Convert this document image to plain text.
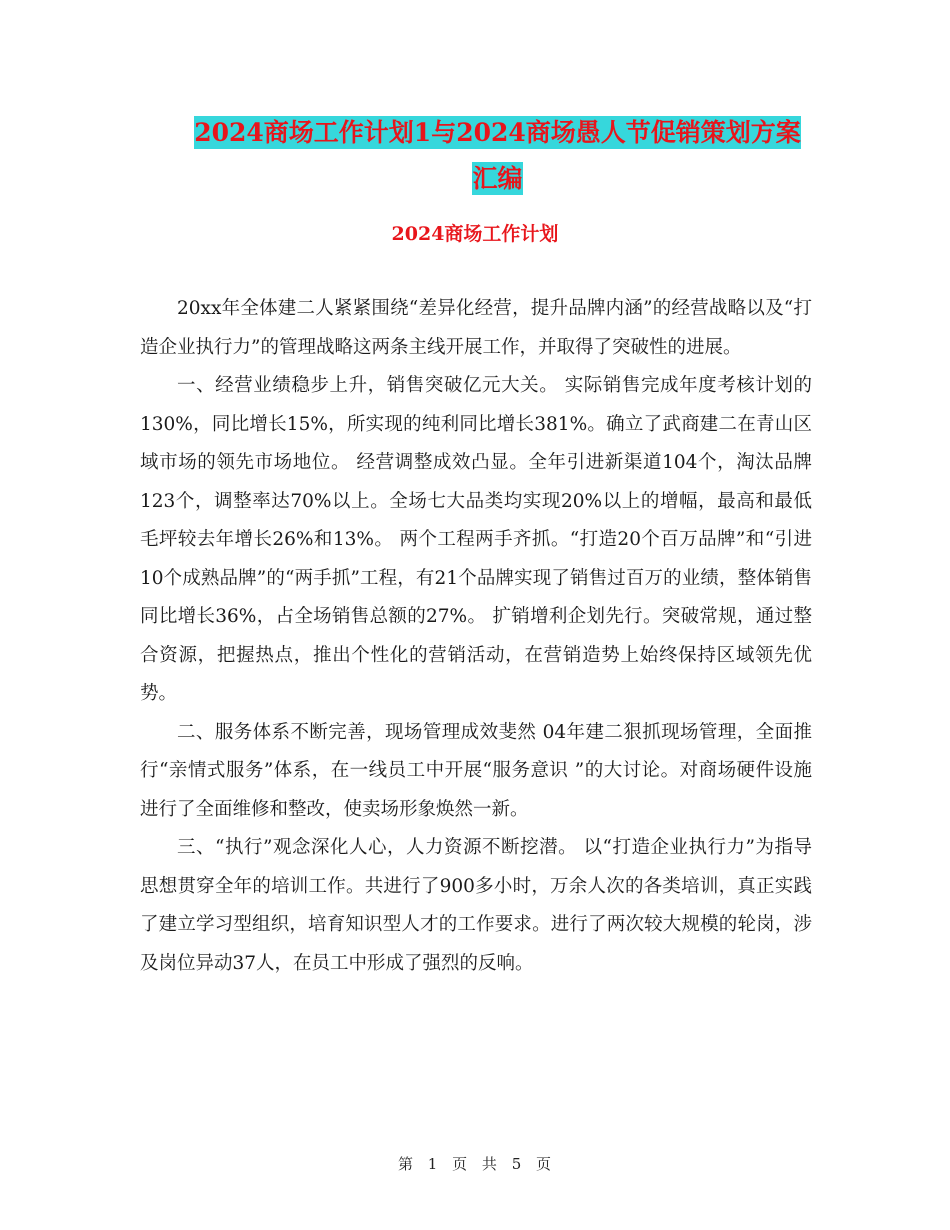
2024商场工作计划1与2024商场愚人节促销策划方案
汇编
2024商场工作计划

20xx年全体建二人紧紧围绕“差异化经营，提升品牌内涵”的经营战略以及“打造企业执行力”的管理战略这两条主线开展工作，并取得了突破性的进展。

一、经营业绩稳步上升，销售突破亿元大关。 实际销售完成年度考核计划的130%，同比增长15%，所实现的纯利同比增长381%。确立了武商建二在青山区域市场的领先市场地位。 经营调整成效凸显。全年引进新渠道104个，淘汰品牌123个，调整率达70%以上。全场七大品类均实现20%以上的增幅，最高和最低毛坪较去年增长26%和13%。 两个工程两手齐抓。“打造20个百万品牌”和“引进10个成熟品牌”的“两手抓”工程，有21个品牌实现了销售过百万的业绩，整体销售同比增长36%，占全场销售总额的27%。 扩销增利企划先行。突破常规，通过整合资源，把握热点，推出个性化的营销活动，在营销造势上始终保持区域领先优势。

二、服务体系不断完善，现场管理成效斐然 04年建二狠抓现场管理，全面推行“亲情式服务”体系，在一线员工中开展“服务意识 ”的大讨论。对商场硬件设施进行了全面维修和整改，使卖场形象焕然一新。

三、“执行”观念深化人心，人力资源不断挖潜。 以“打造企业执行力”为指导思想贯穿全年的培训工作。共进行了900多小时，万余人次的各类培训，真正实践了建立学习型组织，培育知识型人才的工作要求。进行了两次较大规模的轮岗，涉及岗位异动37人，在员工中形成了强烈的反响。

第 1 页 共 5 页
